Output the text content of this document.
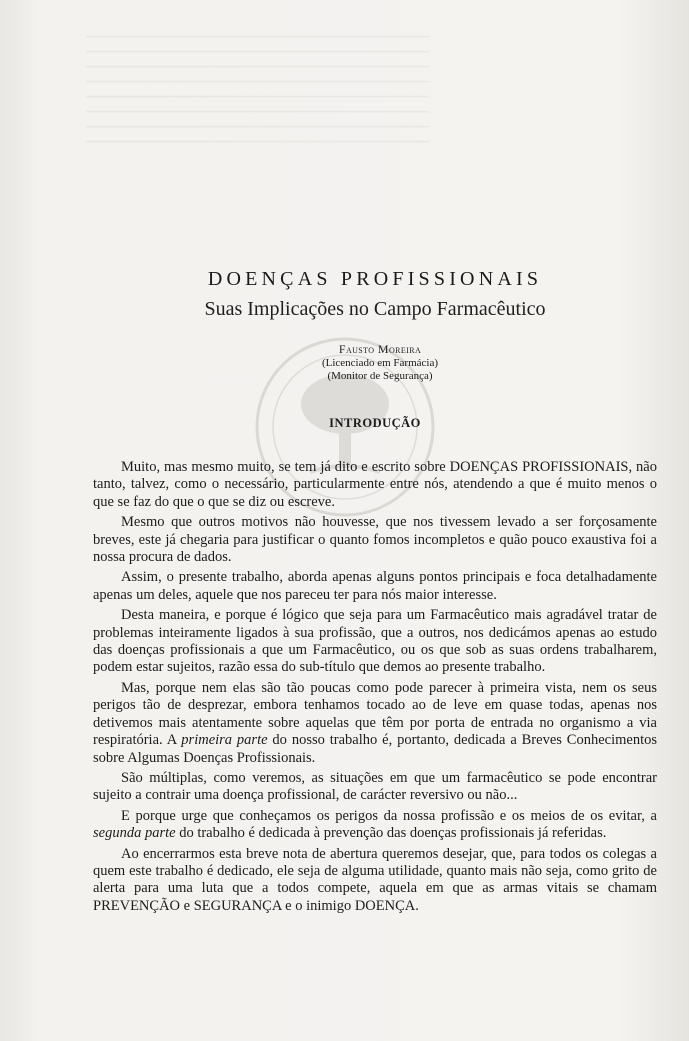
────────────────────────────────────────────
────────────────────────────────────────────
────────────────────────────────────────────
────────────────────────────────────────────
────────────────────────────────────────────
────────────────────────────────────────────
────────────────────────────────────────────
────────────────────────────────────────────
DOENÇAS PROFISSIONAIS
Suas Implicações no Campo Farmacêutico
Fausto Moreira
(Licenciado em Farmácia)
(Monitor de Segurança)
INTRODUÇÃO

Muito, mas mesmo muito, se tem já dito e escrito sobre DOENÇAS PROFISSIONAIS, não tanto, talvez, como o necessário, particularmente entre nós, atendendo a que é muito menos o que se faz do que o que se diz ou escreve.

Mesmo que outros motivos não houvesse, que nos tivessem levado a ser forçosamente breves, este já chegaria para justificar o quanto fomos incompletos e quão pouco exaustiva foi a nossa procura de dados.

Assim, o presente trabalho, aborda apenas alguns pontos principais e foca detalhadamente apenas um deles, aquele que nos pareceu ter para nós maior interesse.

Desta maneira, e porque é lógico que seja para um Farmacêutico mais agradável tratar de problemas inteiramente ligados à sua profissão, que a outros, nos dedicámos apenas ao estudo das doenças profissionais a que um Farmacêutico, ou os que sob as suas ordens trabalharem, podem estar sujeitos, razão essa do sub-título que demos ao presente trabalho.

Mas, porque nem elas são tão poucas como pode parecer à primeira vista, nem os seus perigos tão de desprezar, embora tenhamos tocado ao de leve em quase todas, apenas nos detivemos mais atentamente sobre aquelas que têm por porta de entrada no organismo a via respiratória. A primeira parte do nosso trabalho é, portanto, dedicada a Breves Conhecimentos sobre Algumas Doenças Profissionais.

São múltiplas, como veremos, as situações em que um farmacêutico se pode encontrar sujeito a contrair uma doença profissional, de carácter reversivo ou não...

E porque urge que conheçamos os perigos da nossa profissão e os meios de os evitar, a segunda parte do trabalho é dedicada à prevenção das doenças profissionais já referidas.

Ao encerrarmos esta breve nota de abertura queremos desejar, que, para todos os colegas a quem este trabalho é dedicado, ele seja de alguma utilidade, quanto mais não seja, como grito de alerta para uma luta que a todos compete, aquela em que as armas vitais se chamam PREVENÇÃO e SEGURANÇA e o inimigo DOENÇA.
